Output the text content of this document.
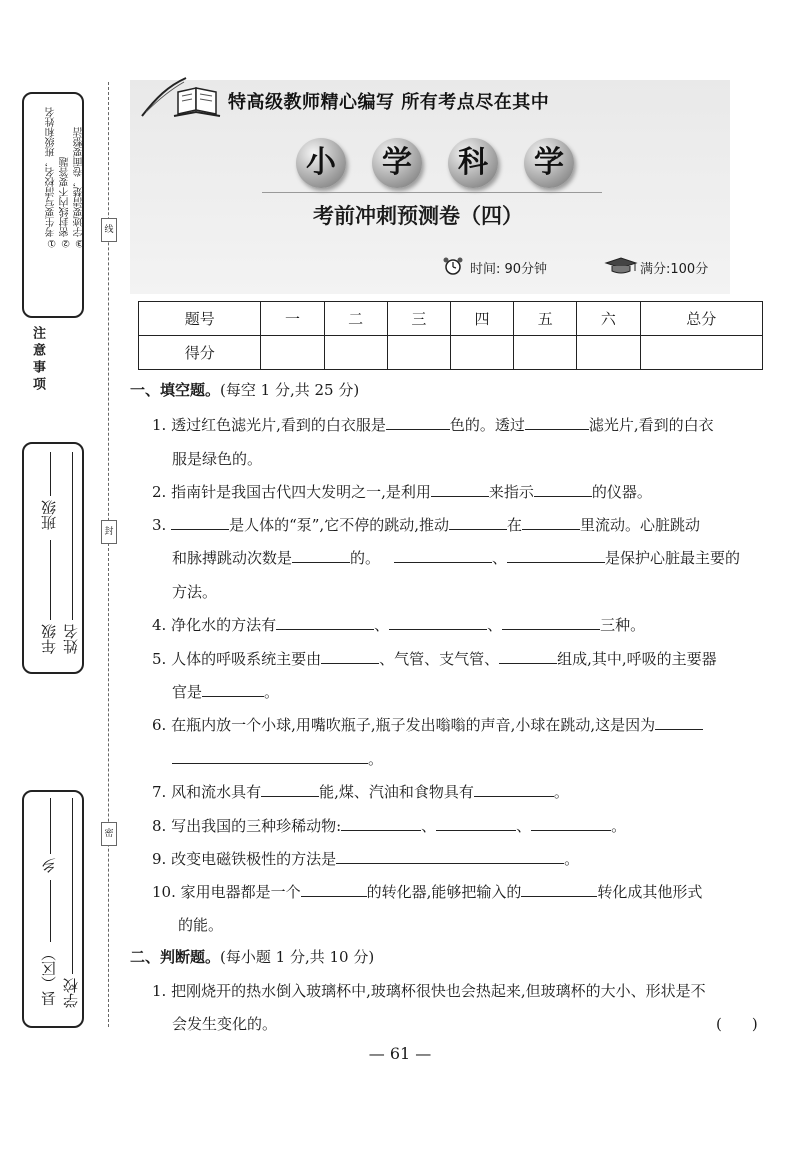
注意事项
①考生要写清校名，班级和姓名 ②密封线内不要答题 ③字迹要清楚，卷面要整洁
年级
班级
姓名
县（区）
乡
学校
线
封
密
特高级教师精心编写 所有考点尽在其中
小	学	科	学
考前冲刺预测卷（四）
时间: 90分钟	满分:100分
题号	一	二	三	四	五	六	总分
得分							
一、填空题。(每空 1 分,共 25 分)
1. 透过红色滤光片,看到的白衣服是	色的。透过	滤光片,看到的白衣
服是绿色的。
2. 指南针是我国古代四大发明之一,是利用	来指示	的仪器。
3.	是人体的“泵”,它不停的跳动,推动	在	里流动。心脏跳动
和脉搏跳动次数是	的。	、	是保护心脏最主要的
方法。
4. 净化水的方法有	、	、	三种。
5. 人体的呼吸系统主要由	、气管、支气管、	组成,其中,呼吸的主要器
官是	。
6. 在瓶内放一个小球,用嘴吹瓶子,瓶子发出嗡嗡的声音,小球在跳动,这是因为
。
7. 风和流水具有	能,煤、汽油和食物具有	。
8. 写出我国的三种珍稀动物:	、	、	。
9. 改变电磁铁极性的方法是	。
10. 家用电器都是一个	的转化器,能够把输入的	转化成其他形式
的能。
二、判断题。(每小题 1 分,共 10 分)
1. 把刚烧开的热水倒入玻璃杯中,玻璃杯很快也会热起来,但玻璃杯的大小、形状是不
会发生变化的。	(　　)
— 61 —
